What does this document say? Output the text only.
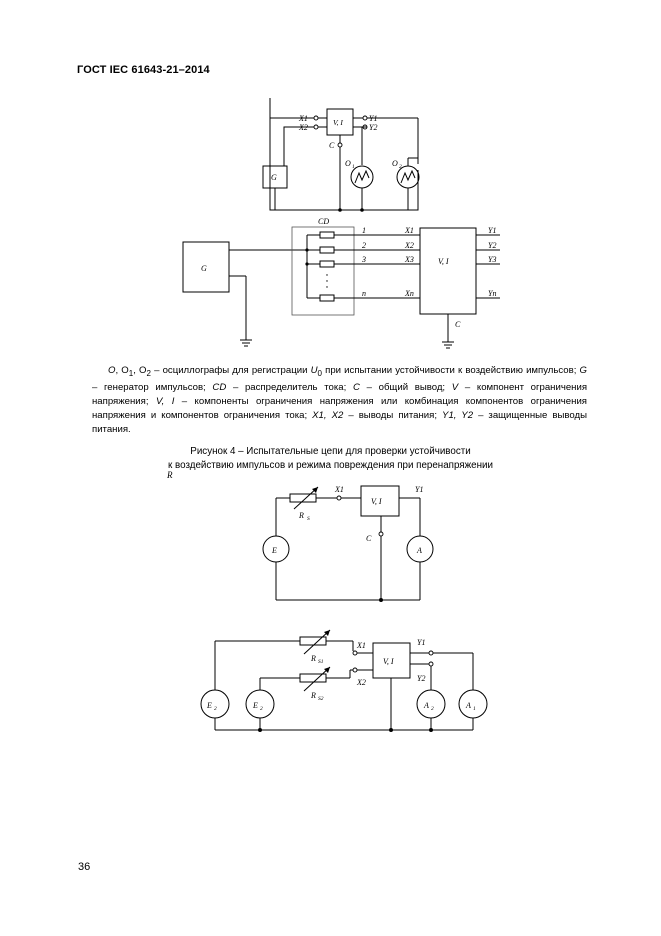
ГОСТ IEC 61643-21–2014
X1
X2
Y1
Y2
V, I
C
O 1	O 2
G
CD
G
1
2
3
n
X1
X2
X3
Xn
V, I
Y1
Y2
Y3
Yn
C
X1	Y1
V, I
R S
E	A
C
X1
X2
Y1
Y2
V, I
R S1
R S2
E 2	E 2	A 2	A 1
O, $O_1$, $O_2$ – осциллографы для регистрации $U_0$ при испытании устойчивости к воздействию импульсов; G – генератор импульсов; CD – распределитель тока; C – общий вывод; V – компонент ограничения напряжения; V, I – компоненты ограничения напряжения или комбинация компонентов ограничения напряжения и компонентов ограничения тока; X1, X2 – выводы питания; Y1, Y2 – защищенные выводы питания.
Рисунок 4 – Испытательные цепи для проверки устойчивости
к воздействию импульсов и режима повреждения при перенапряжении
R
36
